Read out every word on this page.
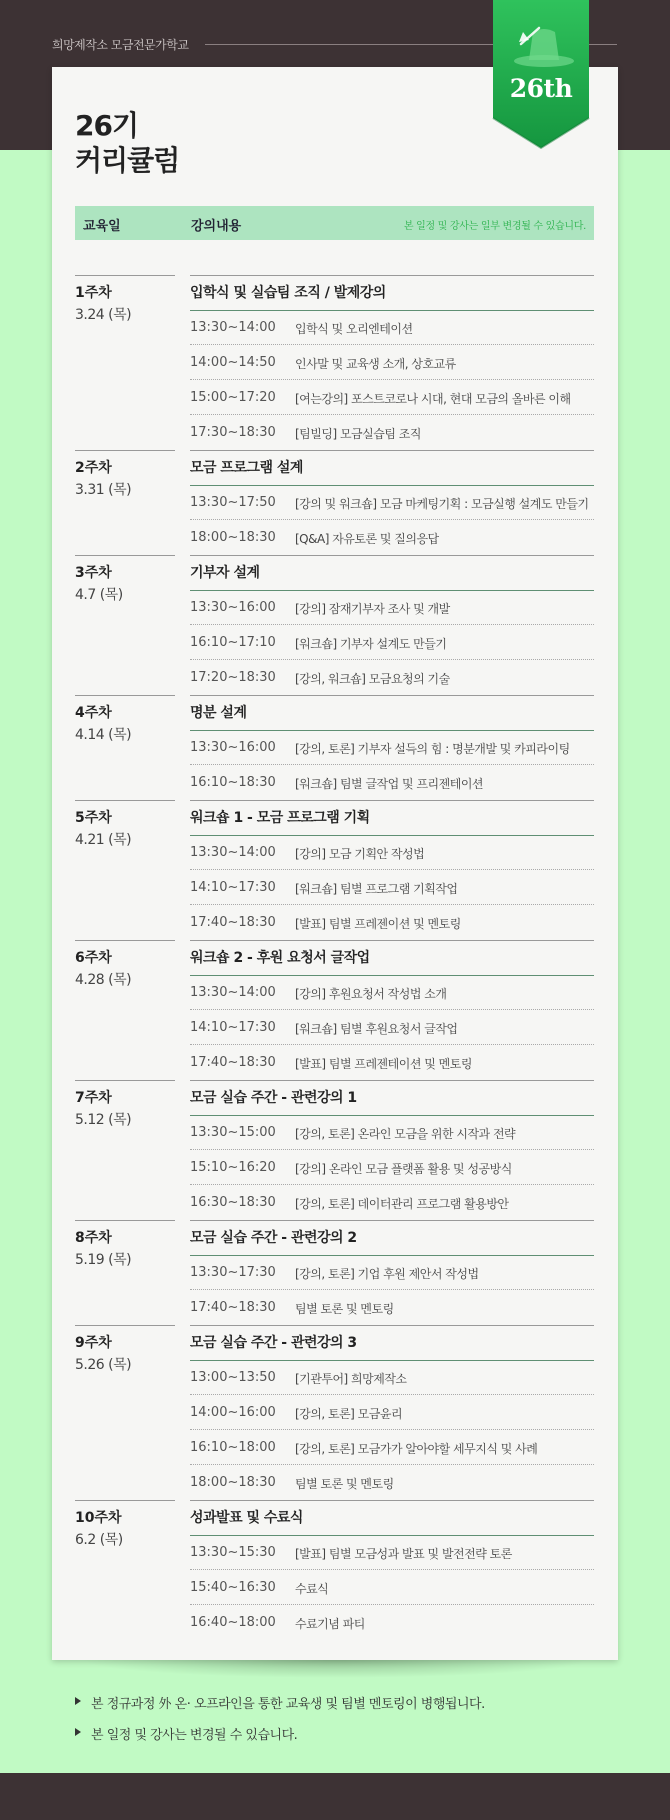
희망제작소 모금전문가학교
26th
26기
커리큘럼
교육일	강의내용	본 일정 및 강사는 일부 변경될 수 있습니다.
1주차
3.24 (목)
입학식 및 실습팀 조직 / 발제강의
13:30~14:00 입학식 및 오리엔테이션
14:00~14:50 인사말 및 교육생 소개, 상호교류
15:00~17:20 [여는강의] 포스트코로나 시대, 현대 모금의 올바른 이해
17:30~18:30 [팀빌딩] 모금실습팀 조직
2주차
3.31 (목)
모금 프로그램 설계
13:30~17:50 [강의 및 워크숍] 모금 마케팅기획 : 모금실행 설계도 만들기
18:00~18:30 [Q&A] 자유토론 및 질의응답
3주차
4.7 (목)
기부자 설계
13:30~16:00 [강의] 잠재기부자 조사 및 개발
16:10~17:10 [워크숍] 기부자 설계도 만들기
17:20~18:30 [강의, 워크숍] 모금요청의 기술
4주차
4.14 (목)
명분 설계
13:30~16:00 [강의, 토론] 기부자 설득의 힘 : 명분개발 및 카피라이팅
16:10~18:30 [워크숍] 팀별 글작업 및 프리젠테이션
5주차
4.21 (목)
워크숍 1 - 모금 프로그램 기획
13:30~14:00 [강의] 모금 기획안 작성법
14:10~17:30 [워크숍] 팀별 프로그램 기획작업
17:40~18:30 [발표] 팀별 프레젠이션 및 멘토링
6주차
4.28 (목)
워크숍 2 - 후원 요청서 글작업
13:30~14:00 [강의] 후원요청서 작성법 소개
14:10~17:30 [워크숍] 팀별 후원요청서 글작업
17:40~18:30 [발표] 팀별 프레젠테이션 및 멘토링
7주차
5.12 (목)
모금 실습 주간 - 관련강의 1
13:30~15:00 [강의, 토론] 온라인 모금을 위한 시작과 전략
15:10~16:20 [강의] 온라인 모금 플랫폼 활용 및 성공방식
16:30~18:30 [강의, 토론] 데이터관리 프로그램 활용방안
8주차
5.19 (목)
모금 실습 주간 - 관련강의 2
13:30~17:30 [강의, 토론] 기업 후원 제안서 작성법
17:40~18:30 팀별 토론 및 멘토링
9주차
5.26 (목)
모금 실습 주간 - 관련강의 3
13:00~13:50 [기관투어] 희망제작소
14:00~16:00 [강의, 토론] 모금윤리
16:10~18:00 [강의, 토론] 모금가가 알아야할 세무지식 및 사례
18:00~18:30 팀별 토론 및 멘토링
10주차
6.2 (목)
성과발표 및 수료식
13:30~15:30 [발표] 팀별 모금성과 발표 및 발전전략 토론
15:40~16:30 수료식
16:40~18:00 수료기념 파티
본 정규과정 外 온· 오프라인을 통한 교육생 및 팀별 멘토링이 병행됩니다.
본 일정 및 강사는 변경될 수 있습니다.
